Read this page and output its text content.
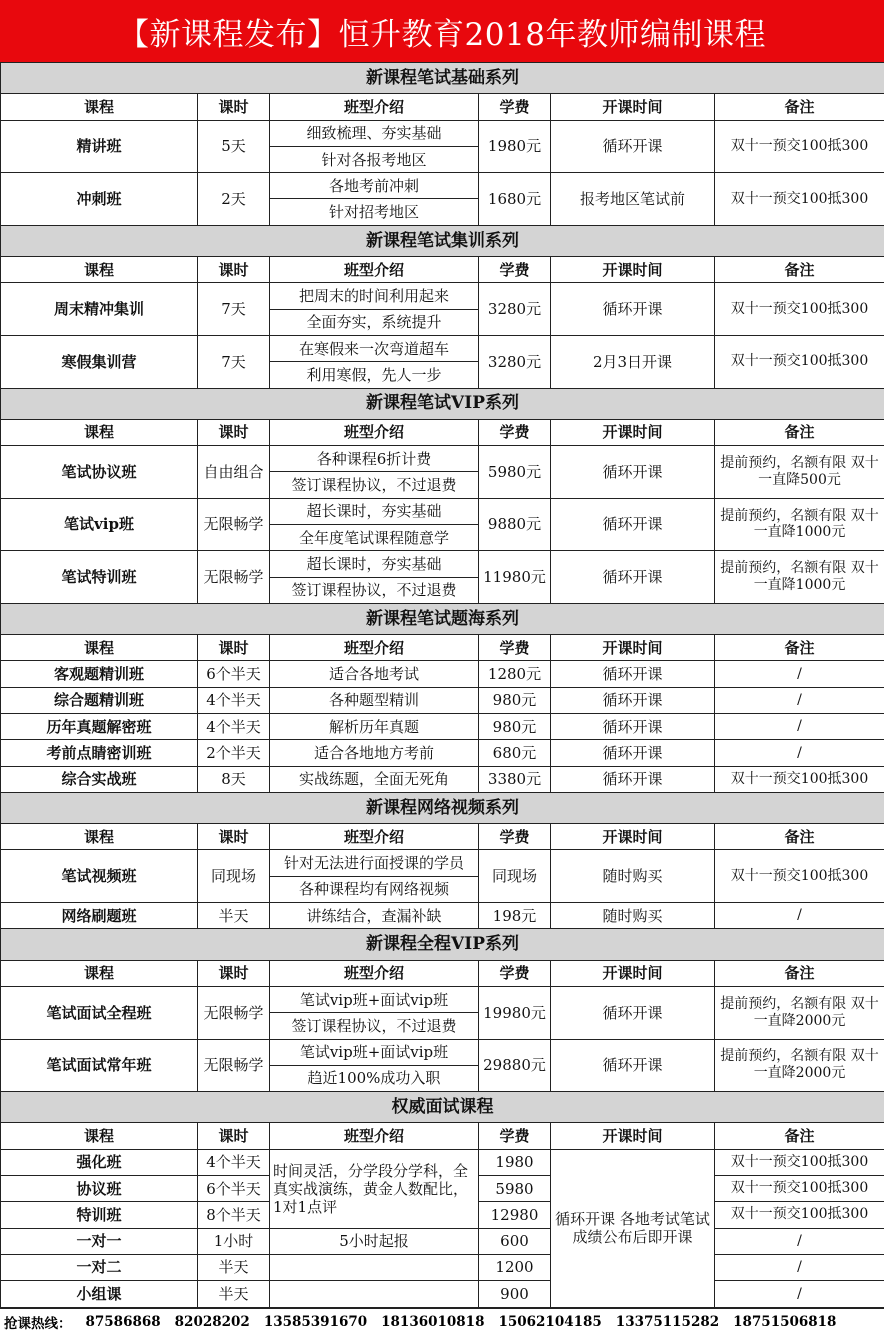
【新课程发布】恒升教育2018年教师编制课程
新课程笔试基础系列					
课程	课时	班型介绍	学费	开课时间	备注
精讲班	5天	细致梳理、夯实基础	1980元	循环开课	双十一预交100抵300
		针对各报考地区			
冲刺班	2天	各地考前冲刺	1680元	报考地区笔试前	双十一预交100抵300
		针对招考地区			
新课程笔试集训系列					
课程	课时	班型介绍	学费	开课时间	备注
周末精冲集训	7天	把周末的时间利用起来	3280元	循环开课	双十一预交100抵300
		全面夯实，系统提升			
寒假集训营	7天	在寒假来一次弯道超车	3280元	2月3日开课	双十一预交100抵300
		利用寒假，先人一步			
新课程笔试VIP系列					
课程	课时	班型介绍	学费	开课时间	备注
笔试协议班	自由组合	各种课程6折计费	5980元	循环开课	提前预约，名额有限 双十一直降500元
		签订课程协议，不过退费			
笔试vip班	无限畅学	超长课时，夯实基础	9880元	循环开课	提前预约，名额有限 双十一直降1000元
		全年度笔试课程随意学			
笔试特训班	无限畅学	超长课时，夯实基础	11980元	循环开课	提前预约，名额有限 双十一直降1000元
		签订课程协议，不过退费			
新课程笔试题海系列					
课程	课时	班型介绍	学费	开课时间	备注
客观题精训班	6个半天	适合各地考试	1280元	循环开课	/
综合题精训班	4个半天	各种题型精训	980元	循环开课	/
历年真题解密班	4个半天	解析历年真题	980元	循环开课	/
考前点睛密训班	2个半天	适合各地地方考前	680元	循环开课	/
综合实战班	8天	实战练题，全面无死角	3380元	循环开课	双十一预交100抵300
新课程网络视频系列					
课程	课时	班型介绍	学费	开课时间	备注
笔试视频班	同现场	针对无法进行面授课的学员	同现场	随时购买	双十一预交100抵300
		各种课程均有网络视频			
网络刷题班	半天	讲练结合，查漏补缺	198元	随时购买	/
新课程全程VIP系列					
课程	课时	班型介绍	学费	开课时间	备注
笔试面试全程班	无限畅学	笔试vip班+面试vip班	19980元	循环开课	提前预约，名额有限 双十一直降2000元
		签订课程协议，不过退费			
笔试面试常年班	无限畅学	笔试vip班+面试vip班	29880元	循环开课	提前预约，名额有限 双十一直降2000元
		趋近100%成功入职			
权威面试课程					
课程	课时	班型介绍	学费	开课时间	备注
强化班	4个半天	时间灵活，分学段分学科，全真实战演练，黄金人数配比，1对1点评	1980	循环开课 各地考试笔试成绩公布后即开课	双十一预交100抵300
协议班	6个半天		5980		双十一预交100抵300
特训班	8个半天		12980		双十一预交100抵300
一对一	1小时	5小时起报	600		/
一对二	半天		1200		/
小组课	半天		900		/
抢课热线：	87586868 82028202 13585391670 18136010818 15062104185 13375115282 18751506818
